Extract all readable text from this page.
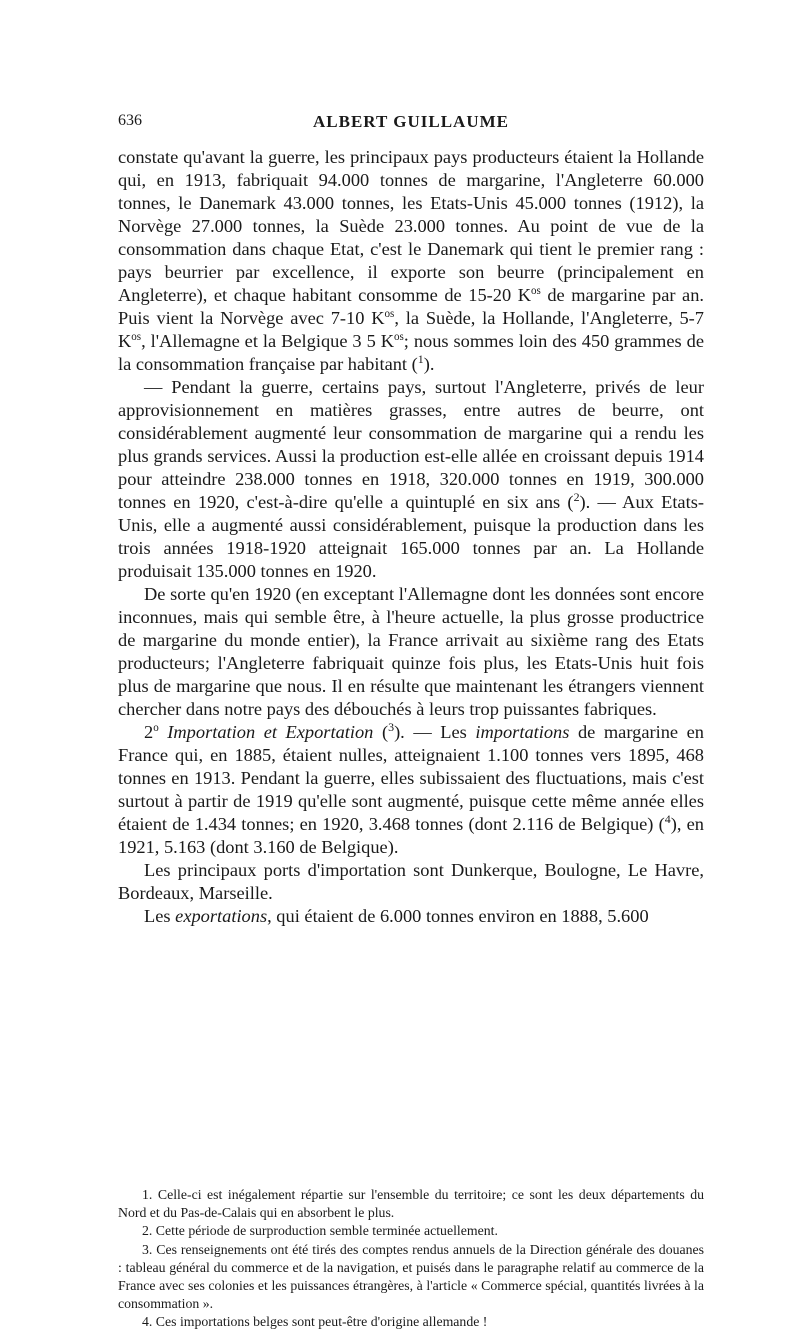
636	ALBERT GUILLAUME

constate qu'avant la guerre, les principaux pays producteurs étaient la Hollande qui, en 1913, fabriquait 94.000 tonnes de margarine, l'Angleterre 60.000 tonnes, le Danemark 43.000 tonnes, les Etats-Unis 45.000 tonnes (1912), la Norvège 27.000 tonnes, la Suède 23.000 tonnes. Au point de vue de la consommation dans chaque Etat, c'est le Danemark qui tient le premier rang : pays beurrier par excellence, il exporte son beurre (principalement en Angleterre), et chaque habitant consomme de 15-20 $K^{os}$ de margarine par an. Puis vient la Norvège avec 7-10 $K^{os}$, la Suède, la Hollande, l'Angleterre, 5-7 $K^{os}$, l'Allemagne et la Belgique 3 5 $K^{os}$; nous sommes loin des 450 grammes de la consommation française par habitant ($^1$).

— Pendant la guerre, certains pays, surtout l'Angleterre, privés de leur approvisionnement en matières grasses, entre autres de beurre, ont considérablement augmenté leur consommation de margarine qui a rendu les plus grands services. Aussi la production est-elle allée en croissant depuis 1914 pour atteindre 238.000 tonnes en 1918, 320.000 tonnes en 1919, 300.000 tonnes en 1920, c'est-à-dire qu'elle a quintuplé en six ans ($^2$). — Aux Etats-Unis, elle a augmenté aussi considérablement, puisque la production dans les trois années 1918-1920 atteignait 165.000 tonnes par an. La Hollande produisait 135.000 tonnes en 1920.

De sorte qu'en 1920 (en exceptant l'Allemagne dont les données sont encore inconnues, mais qui semble être, à l'heure actuelle, la plus grosse productrice de margarine du monde entier), la France arrivait au sixième rang des Etats producteurs; l'Angleterre fabriquait quinze fois plus, les Etats-Unis huit fois plus de margarine que nous. Il en résulte que maintenant les étrangers viennent chercher dans notre pays des débouchés à leurs trop puissantes fabriques.

2$^o$ Importation et Exportation ($^3$). — Les importations de margarine en France qui, en 1885, étaient nulles, atteignaient 1.100 tonnes vers 1895, 468 tonnes en 1913. Pendant la guerre, elles subissaient des fluctuations, mais c'est surtout à partir de 1919 qu'elle sont augmenté, puisque cette même année elles étaient de 1.434 tonnes; en 1920, 3.468 tonnes (dont 2.116 de Belgique) ($^4$), en 1921, 5.163 (dont 3.160 de Belgique).

Les principaux ports d'importation sont Dunkerque, Boulogne, Le Havre, Bordeaux, Marseille.

Les exportations, qui étaient de 6.000 tonnes environ en 1888, 5.600

1. Celle-ci est inégalement répartie sur l'ensemble du territoire; ce sont les deux départements du Nord et du Pas-de-Calais qui en absorbent le plus.

2. Cette période de surproduction semble terminée actuellement.

3. Ces renseignements ont été tirés des comptes rendus annuels de la Direction générale des douanes : tableau général du commerce et de la navigation, et puisés dans le paragraphe relatif au commerce de la France avec ses colonies et les puissances étrangères, à l'article « Commerce spécial, quantités livrées à la consommation ».

4. Ces importations belges sont peut-être d'origine allemande !
